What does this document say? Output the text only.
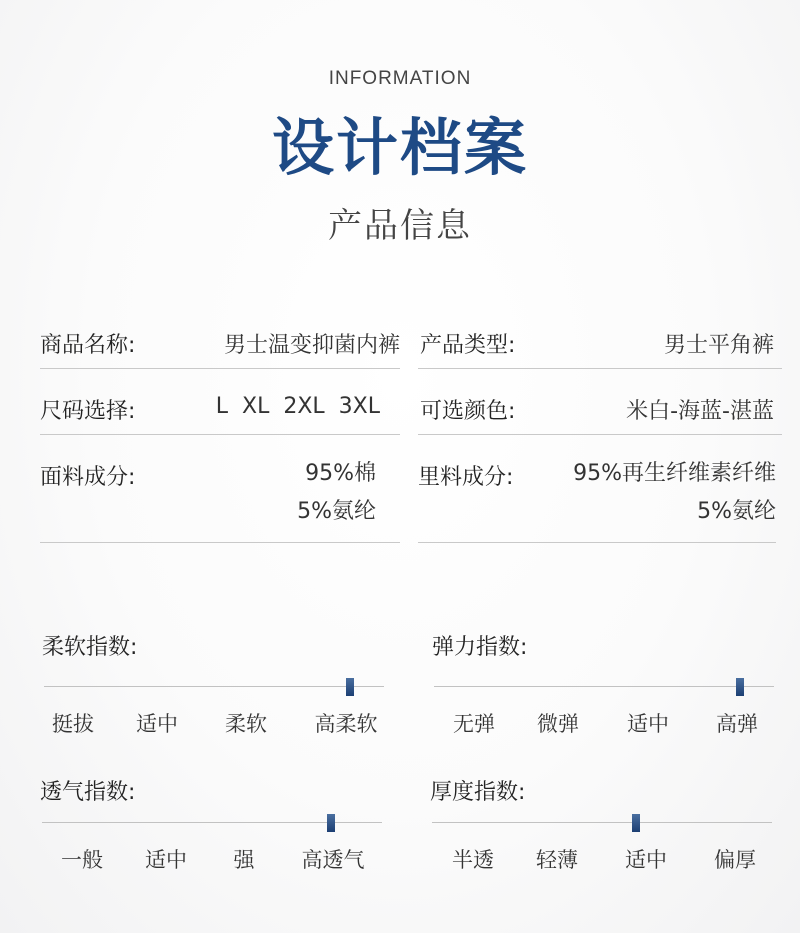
INFORMATION
设计档案
产品信息
商品名称:	男士温变抑菌内裤 产品类型:	男士平角裤
尺码选择:	L  XL  2XL  3XL 可选颜色:	米白-海蓝-湛蓝
面料成分:	95%棉
5%氨纶
里料成分:	95%再生纤维素纤维
5%氨纶
柔软指数:
挺拔	适中	柔软	高柔软
弹力指数:
无弹	微弹	适中	高弹
透气指数:
一般	适中	强	高透气
厚度指数:
半透	轻薄	适中	偏厚
